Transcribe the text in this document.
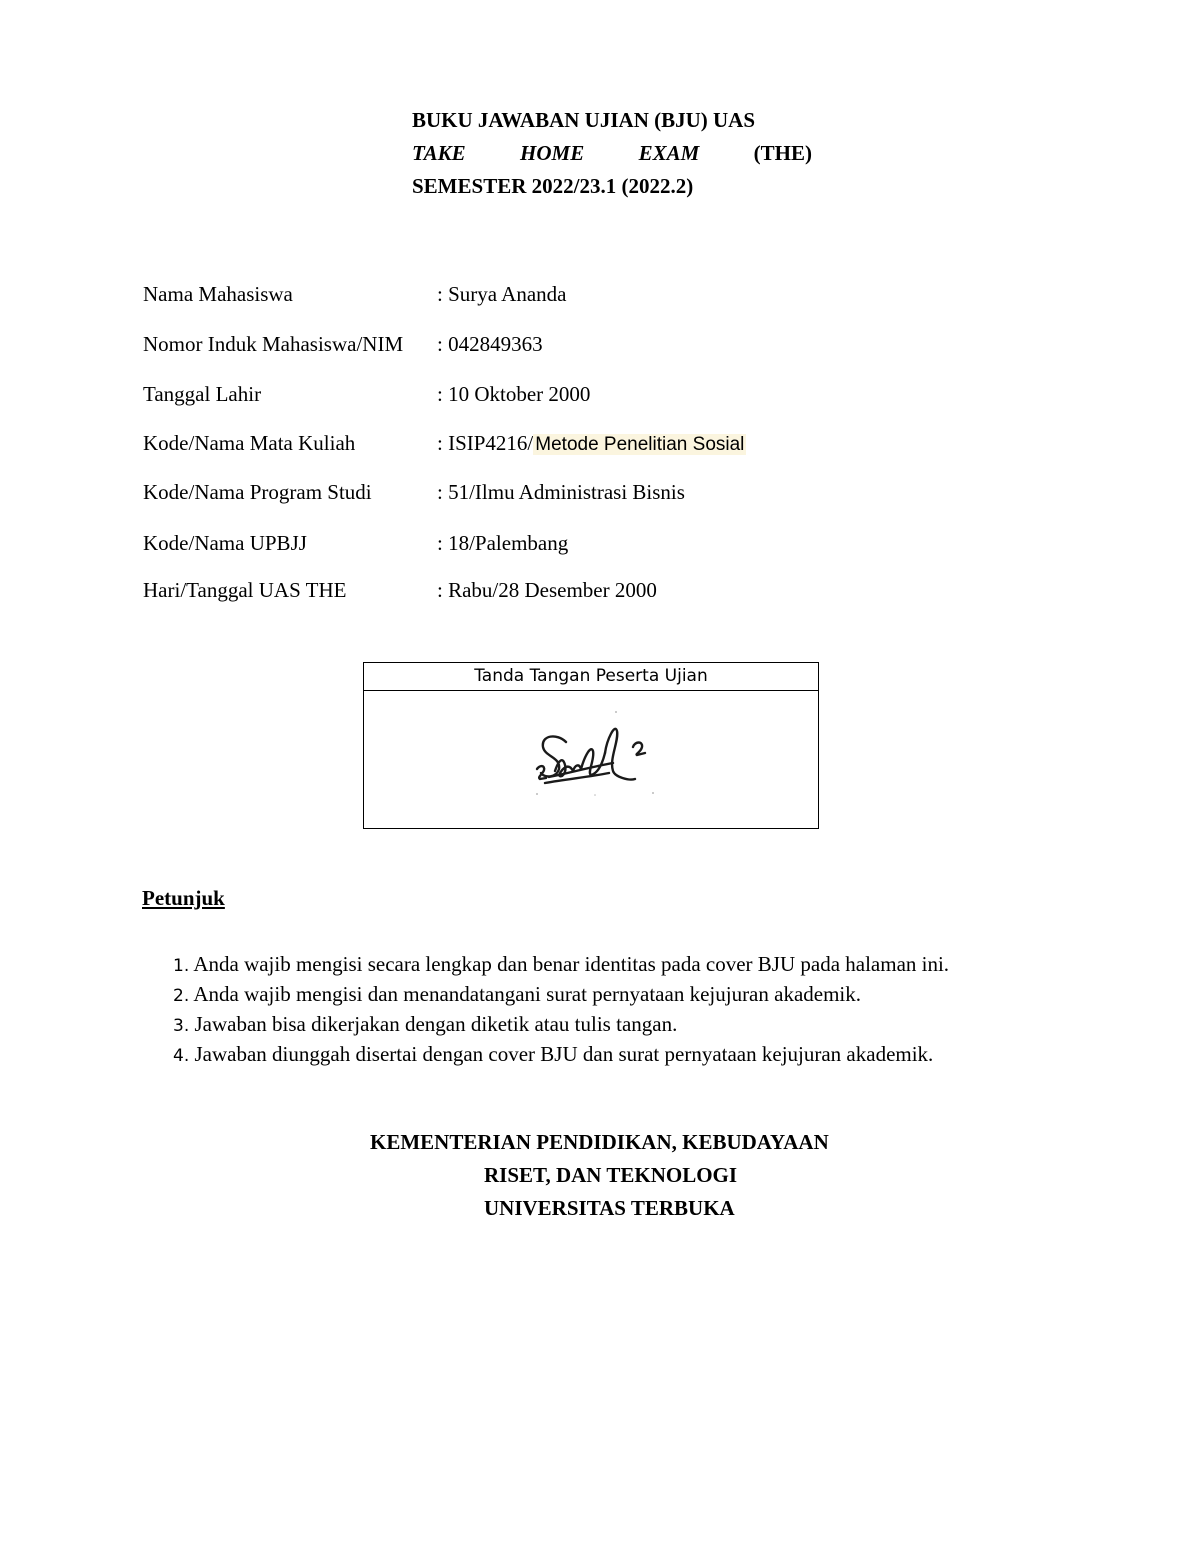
BUKU JAWABAN UJIAN (BJU) UAS
TAKE	HOME	EXAM	(THE)
SEMESTER 2022/23.1 (2022.2)
Nama Mahasiswa	: Surya Ananda
Nomor Induk Mahasiswa/NIM : 042849363
Tanggal Lahir	: 10 Oktober 2000
Kode/Nama Mata Kuliah	: ISIP4216/ Metode Penelitian Sosial
Kode/Nama Program Studi	: 51/Ilmu Administrasi Bisnis
Kode/Nama UPBJJ	: 18/Palembang
Hari/Tanggal UAS THE	: Rabu/28 Desember 2000
Tanda Tangan Peserta Ujian
Petunjuk
1. Anda wajib mengisi secara lengkap dan benar identitas pada cover BJU pada halaman ini.
2. Anda wajib mengisi dan menandatangani surat pernyataan kejujuran akademik.
3. Jawaban bisa dikerjakan dengan diketik atau tulis tangan.
4. Jawaban diunggah disertai dengan cover BJU dan surat pernyataan kejujuran akademik.
KEMENTERIAN PENDIDIKAN, KEBUDAYAAN
RISET, DAN TEKNOLOGI
UNIVERSITAS TERBUKA
